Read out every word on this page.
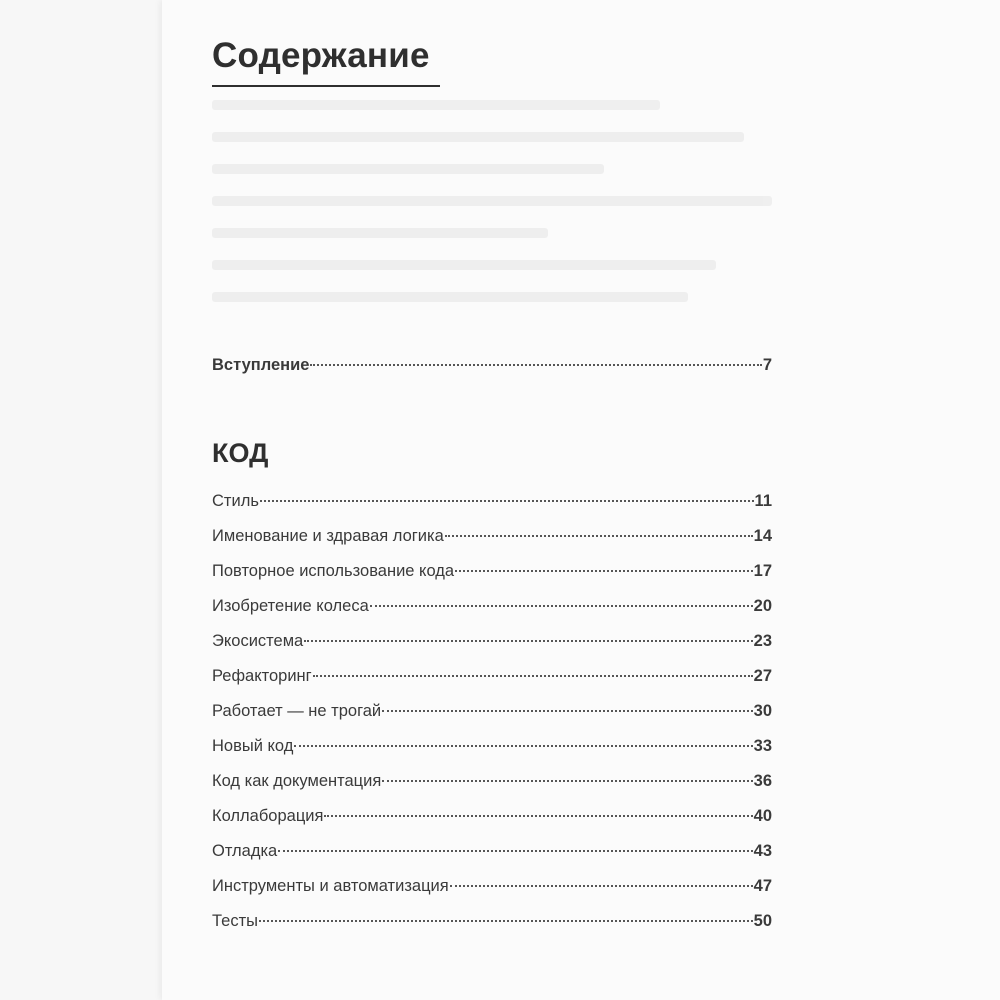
Содержание
Вступление	7
КОД
Стиль	11
Именование и здравая логика	14
Повторное использование кода	17
Изобретение колеса	20
Экосистема	23
Рефакторинг	27
Работает — не трогай	30
Новый код	33
Код как документация	36
Коллаборация	40
Отладка	43
Инструменты и автоматизация	47
Тесты	50
